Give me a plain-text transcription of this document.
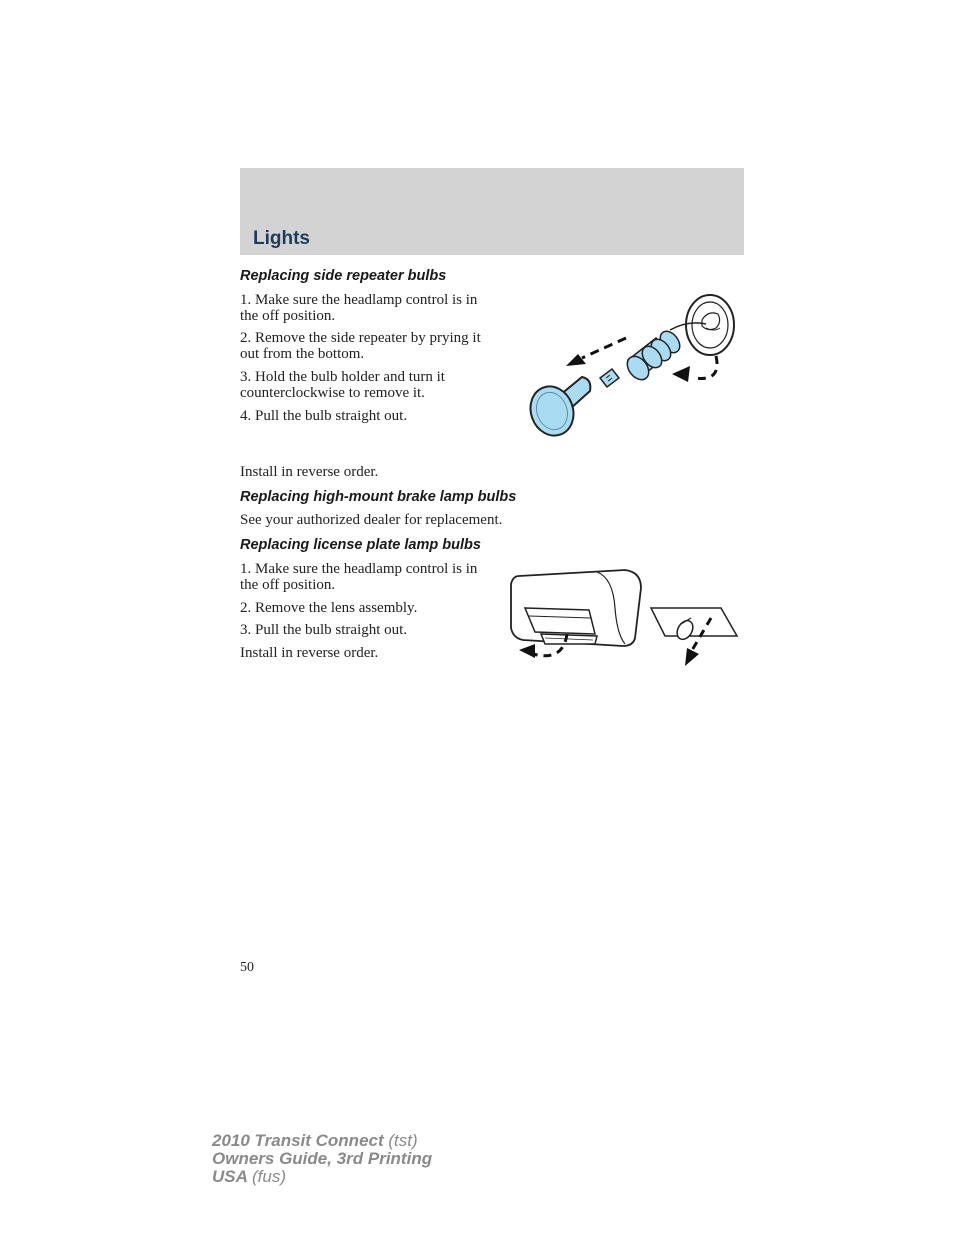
Lights
Replacing side repeater bulbs

1. Make sure the headlamp control is in the off position.

2. Remove the side repeater by prying it out from the bottom.

3. Hold the bulb holder and turn it counterclockwise to remove it.

4. Pull the bulb straight out.

Install in reverse order.

Replacing high-mount brake lamp bulbs

See your authorized dealer for replacement.

Replacing license plate lamp bulbs

1. Make sure the headlamp control is in the off position.

2. Remove the lens assembly.

3. Pull the bulb straight out.

Install in reverse order.

50
2010 Transit Connect (tst)
Owners Guide, 3rd Printing
USA (fus)
